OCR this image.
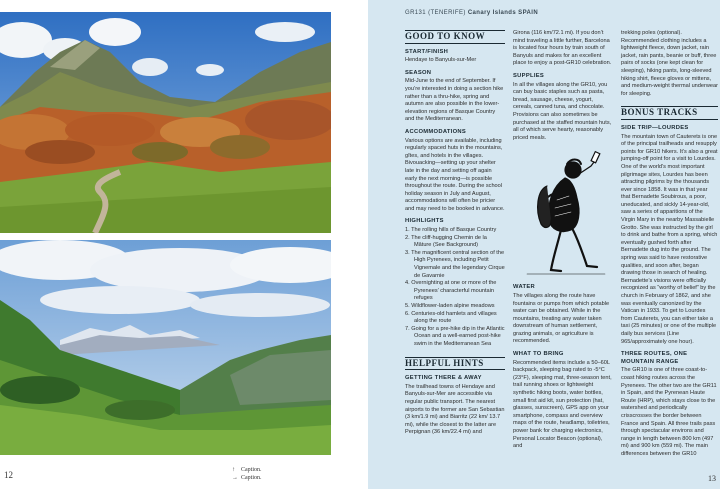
12	↑ Caption.
→ Caption.
GR131 (TENERIFE) Canary Islands SPAIN
GOOD TO KNOW
START/FINISH

Hendaye to Banyuls-sur-Mer

SEASON

Mid-June to the end of September. If you’re interested in doing a section hike rather than a thru-hike, spring and autumn are also possible in the lower-elevation regions of Basque Country and the Mediterranean.

ACCOMMODATIONS

Various options are available, including regularly spaced huts in the mountains, gîtes, and hotels in the villages. Bivouacking—setting up your shelter late in the day and setting off again early the next morning—is possible throughout the route. During the school holiday season in July and August, accommodations will often be pricier and may need to be booked in advance.

HIGHLIGHTS
1. The rolling hills of Basque Country
2. The cliff-hugging Chemin de la Mâture (See Background)
3. The magnificent central section of the High Pyrenees, including Petit Vignemale and the legendary Cirque de Gavarnie
4. Overnighting at one or more of the Pyrenees’ characterful mountain refuges
5. Wildflower-laden alpine meadows
6. Centuries-old hamlets and villages along the route
7. Going for a pre-hike dip in the Atlantic Ocean and a well-earned post-hike swim in the Mediterranean Sea
HELPFUL HINTS
GETTING THERE & AWAY

The trailhead towns of Hendaye and Banyuls-sur-Mer are accessible via regular public transport. The nearest airports to the former are San Sebastian (3 km/1.9 mi) and Biarritz (22 km/ 13.7 mi), while the closest to the latter are Perpignan (36 km/22.4 mi) and

Girona (116 km/72.1 mi). If you don’t mind traveling a little further, Barcelona is located four hours by train south of Banyuls and makes for an excellent place to enjoy a post-GR10 celebration.

SUPPLIES

In all the villages along the GR10, you can buy basic staples such as pasta, bread, sausage, cheese, yogurt, cereals, canned tuna, and chocolate. Provisions can also sometimes be purchased at the staffed mountain huts, all of which serve hearty, reasonably priced meals.

WATER

The villages along the route have fountains or pumps from which potable water can be obtained. While in the mountains, treating any water taken downstream of human settlement, grazing animals, or agriculture is recommended.

WHAT TO BRING

Recommended items include a 50–60L backpack, sleeping bag rated to -5°C (23°F), sleeping mat, three-season tent, trail running shoes or lightweight synthetic hiking boots, water bottles, small first aid kit, sun protection (hat, glasses, sunscreen), GPS app on your smartphone, compass and overview maps of the route, headlamp, toiletries, power bank for charging electronics, Personal Locator Beacon (optional), and

trekking poles (optional). Recommended clothing includes a lightweight fleece, down jacket, rain jacket, rain pants, beanie or buff, three pairs of socks (one kept clean for sleeping), hiking pants, long-sleeved hiking shirt, fleece gloves or mittens, and medium-weight thermal underwear for sleeping.

BONUS TRACKS
SIDE TRIP—LOURDES

The mountain town of Cauterets is one of the principal trailheads and resupply points for GR10 hikers. It’s also a great jumping-off point for a visit to Lourdes. One of the world’s most important pilgrimage sites, Lourdes has been attracting pilgrims by the thousands ever since 1858. It was in that year that Bernadette Soubirous, a poor, uneducated, and sickly 14-year-old, saw a series of apparitions of the Virgin Mary in the nearby Massabielle Grotto. She was instructed by the girl to drink and bathe from a spring, which eventually gushed forth after Bernadette dug into the ground. The spring was said to have restorative qualities, and soon after, began drawing those in search of healing. Bernadette’s visions were officially recognized as “worthy of belief” by the church in February of 1862, and she was eventually canonized by the Vatican in 1933. To get to Lourdes from Cauterets, you can either take a taxi (25 minutes) or one of the multiple daily bus services (Line 965/approximately one hour).

THREE ROUTES, ONE MOUNTAIN RANGE

The GR10 is one of three coast-to-coast hiking routes across the Pyrenees. The other two are the GR11 in Spain, and the Pyrenean Haute Route (HRP), which stays close to the watershed and periodically crisscrosses the border between France and Spain. All three trails pass through spectacular environs and range in length between 800 km (497 mi) and 900 km (559 mi). The main differences between the GR10

13
